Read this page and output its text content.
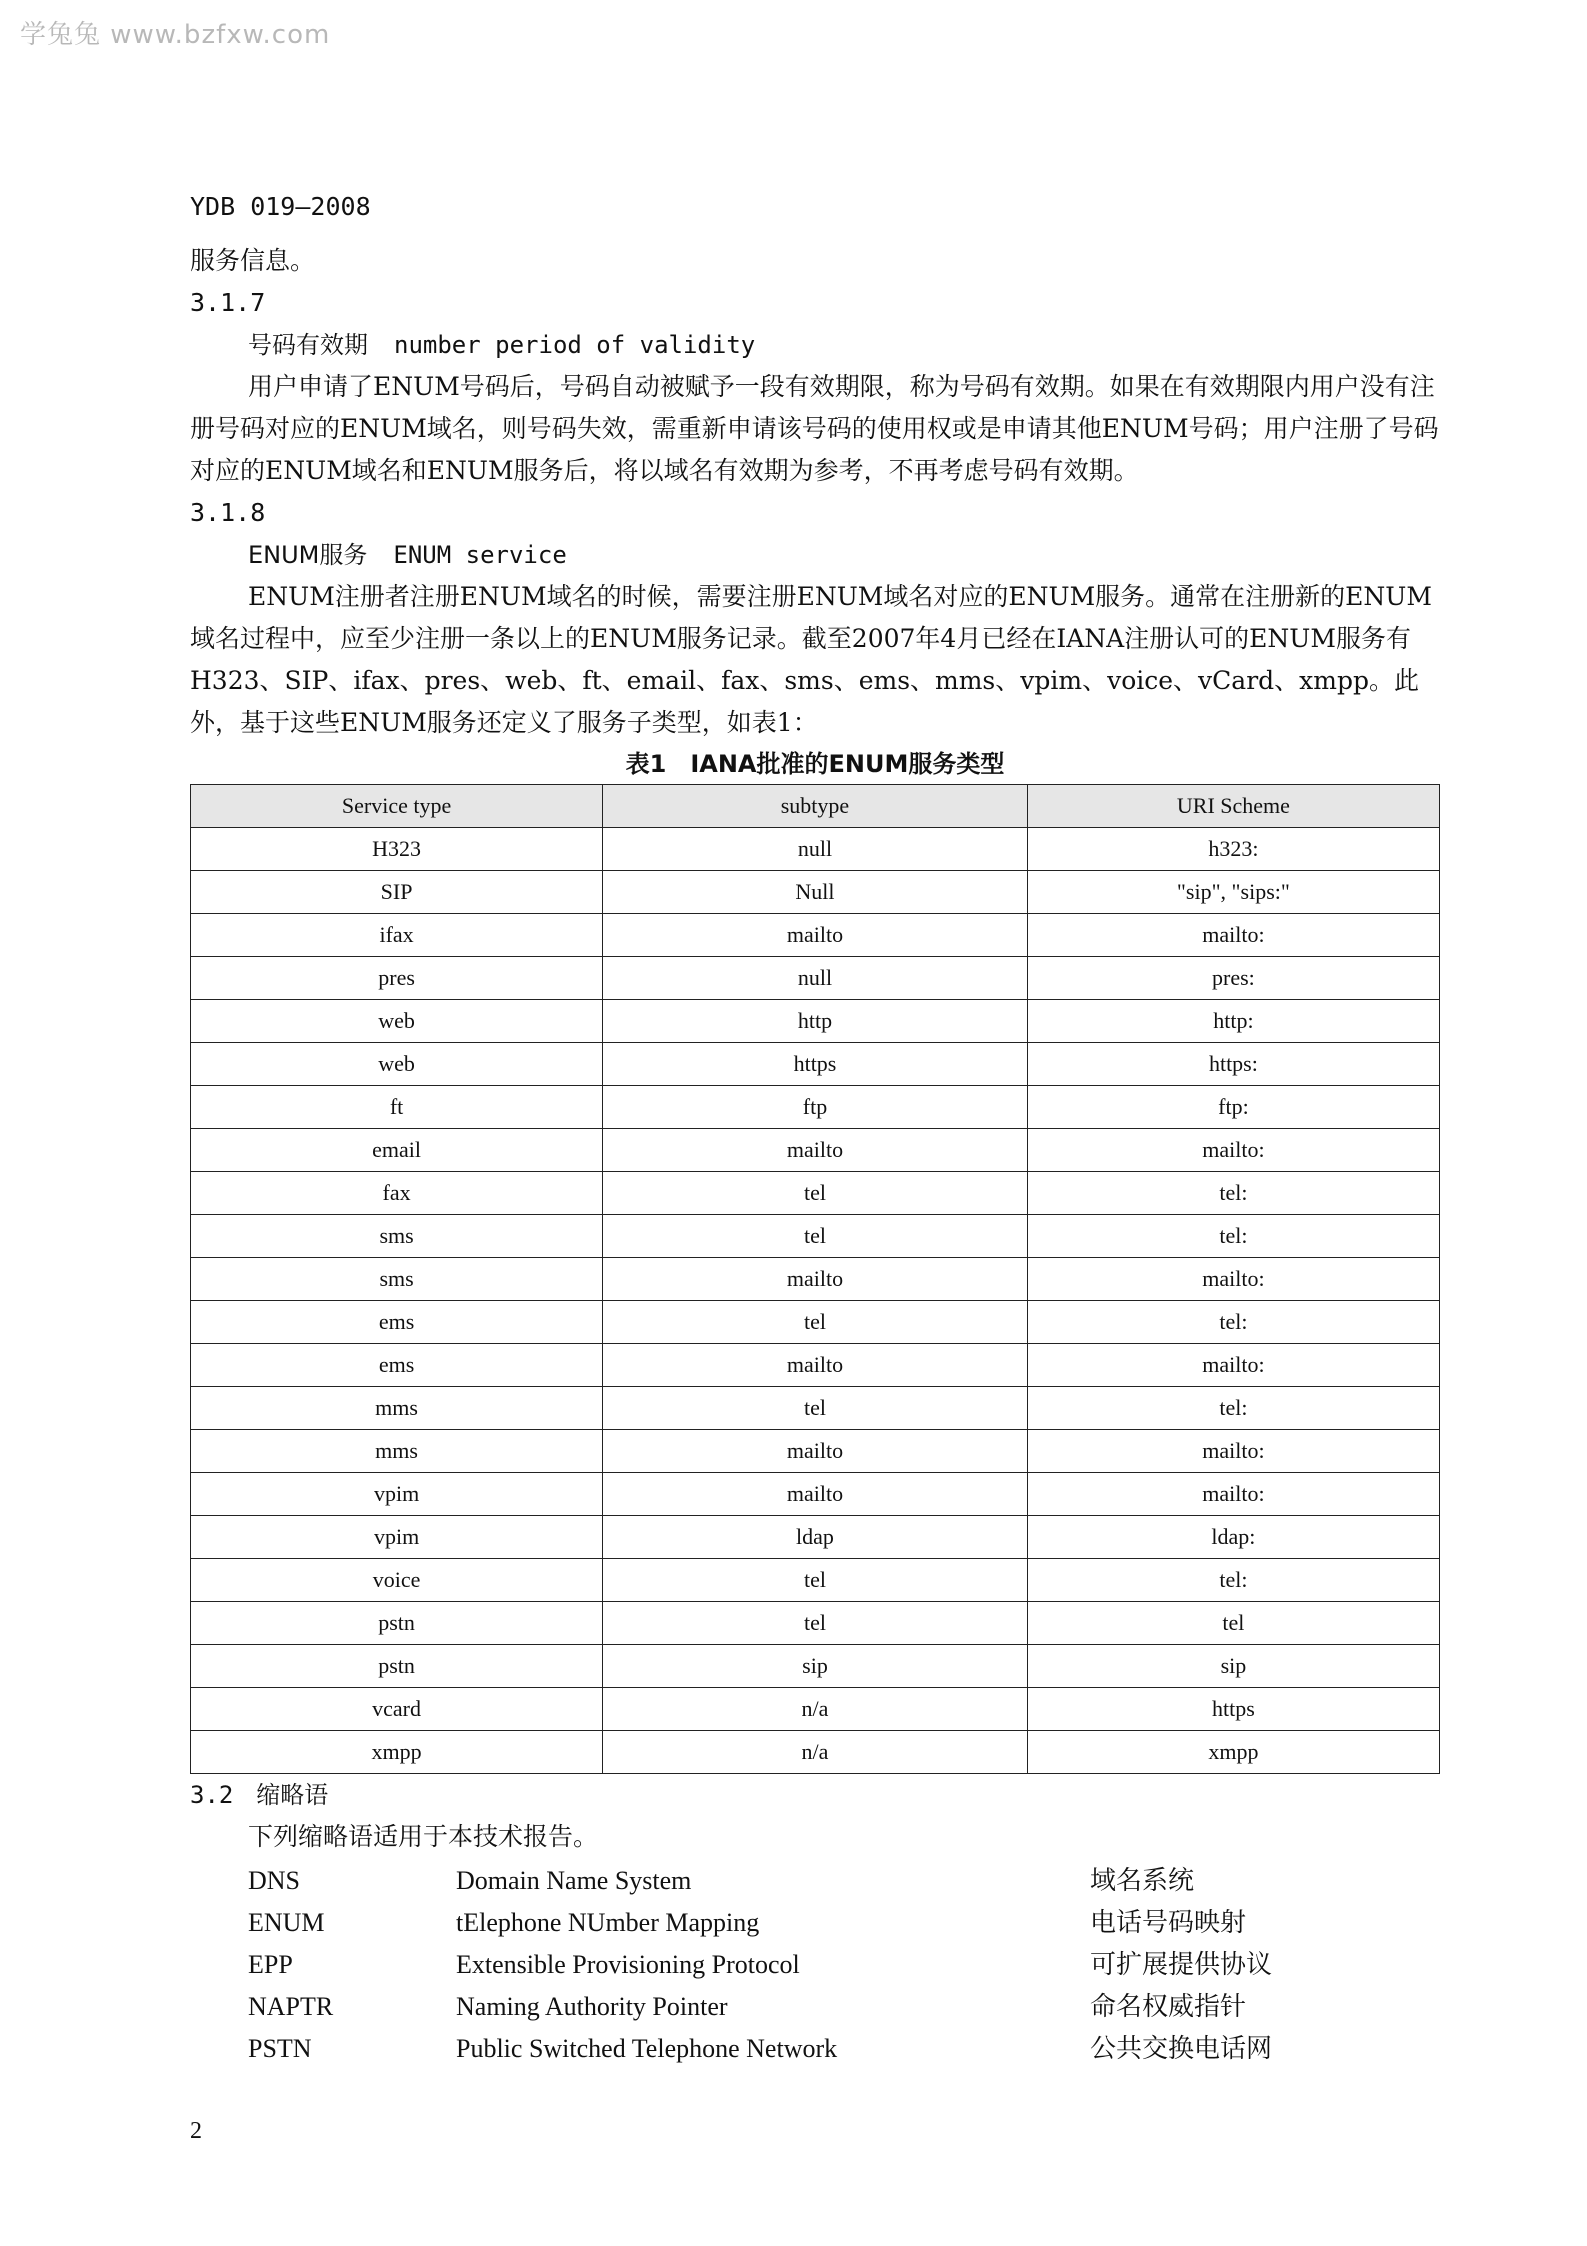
学兔兔 www.bzfxw.com
YDB 019—2008

服务信息。

3.1.7

号码有效期 number period of validity

用户申请了ENUM号码后，号码自动被赋予一段有效期限，称为号码有效期。如果在有效期限内用户没有注册号码对应的ENUM域名，则号码失效，需重新申请该号码的使用权或是申请其他ENUM号码；用户注册了号码对应的ENUM域名和ENUM服务后，将以域名有效期为参考，不再考虑号码有效期。

3.1.8

ENUM服务 ENUM service

ENUM注册者注册ENUM域名的时候，需要注册ENUM域名对应的ENUM服务。通常在注册新的ENUM域名过程中，应至少注册一条以上的ENUM服务记录。截至2007年4月已经在IANA注册认可的ENUM服务有H323、SIP、ifax、pres、web、ft、email、fax、sms、ems、mms、vpim、voice、vCard、xmpp。此外，基于这些ENUM服务还定义了服务子类型，如表1：

表1　IANA批准的ENUM服务类型
Service type	subtype	URI Scheme
H323	null	h323:
SIP	Null	"sip", "sips:"
ifax	mailto	mailto:
pres	null	pres:
web	http	http:
web	https	https:
ft	ftp	ftp:
email	mailto	mailto:
fax	tel	tel:
sms	tel	tel:
sms	mailto	mailto:
ems	tel	tel:
ems	mailto	mailto:
mms	tel	tel:
mms	mailto	mailto:
vpim	mailto	mailto:
vpim	ldap	ldap:
voice	tel	tel:
pstn	tel	tel
pstn	sip	sip
vcard	n/a	https
xmpp	n/a	xmpp

3.2 缩略语

下列缩略语适用于本技术报告。

DNS	Domain Name System	域名系统
ENUM	tElephone NUmber Mapping	电话号码映射
EPP	Extensible Provisioning Protocol	可扩展提供协议
NAPTR	Naming Authority Pointer	命名权威指针
PSTN	Public Switched Telephone Network	公共交换电话网
2
